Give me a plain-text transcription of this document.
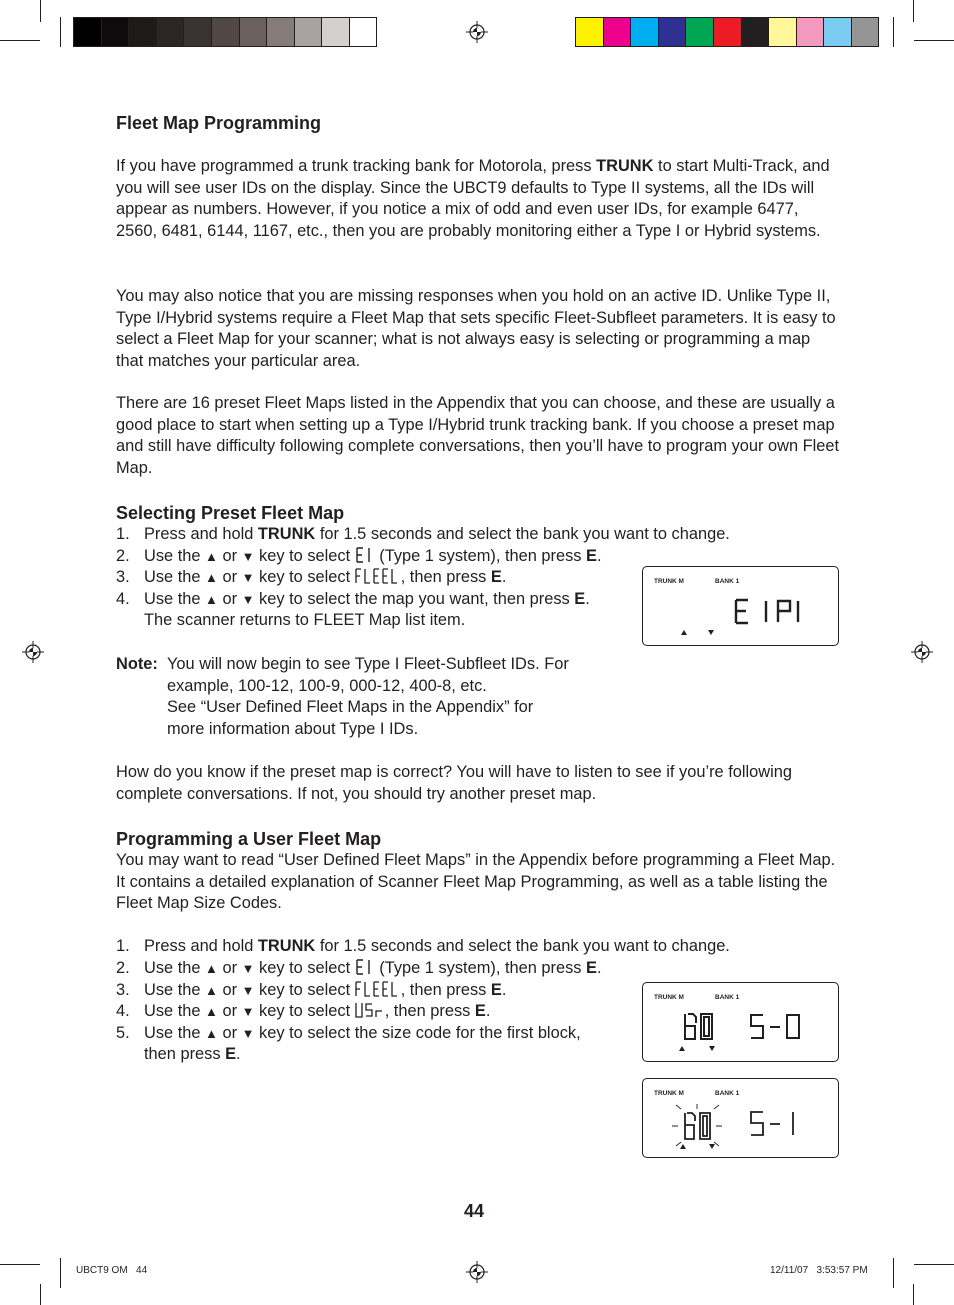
Fleet Map Programming

If you have programmed a trunk tracking bank for Motorola, press TRUNK to start Multi-Track, and you will see user IDs on the display. Since the UBCT9 defaults to Type II systems, all the IDs will appear as numbers. However, if you notice a mix of odd and even user IDs, for example 6477, 2560, 6481, 6144, 1167, etc., then you are probably monitoring either a Type I or Hybrid systems.

You may also notice that you are missing responses when you hold on an active ID. Unlike Type II, Type I/Hybrid systems require a Fleet Map that sets specific Fleet-Subfleet parameters. It is easy to select a Fleet Map for your scanner; what is not always easy is selecting or programming a map that matches your particular area.

There are 16 preset Fleet Maps listed in the Appendix that you can choose, and these are usually a good place to start when setting up a Type I/Hybrid trunk tracking bank. If you choose a preset map and still have difficulty following complete conversations, then you’ll have to program your own Fleet Map.

Selecting Preset Fleet Map
1. Press and hold TRUNK for 1.5 seconds and select the bank you want to change.
2. Use the ▲ or ▼ key to select  (Type 1 system), then press E.
3. Use the ▲ or ▼ key to select	, then press E.
4. Use the ▲ or ▼ key to select the map you want, then press E.
The scanner returns to FLEET Map list item.
Note: You will now begin to see Type I Fleet-Subfleet IDs. For
example, 100-12, 100-9, 000-12, 400-8, etc.
See “User Defined Fleet Maps in the Appendix” for
more information about Type I IDs.

How do you know if the preset map is correct? You will have to listen to see if you’re following complete conversations. If not, you should try another preset map.

TRUNK M	BANK 1
Programming a User Fleet Map

You may want to read “User Defined Fleet Maps” in the Appendix before programming a Fleet Map. It contains a detailed explanation of Scanner Fleet Map Programming, as well as a table listing the Fleet Map Size Codes.

1. Press and hold TRUNK for 1.5 seconds and select the bank you want to change.
2. Use the ▲ or ▼ key to select  (Type 1 system), then press E.
3. Use the ▲ or ▼ key to select	, then press E.
4. Use the ▲ or ▼ key to select , then press E.
5. Use the ▲ or ▼ key to select the size code for the first block,
then press E.
TRUNK M	BANK 1
TRUNK M	BANK 1
44
UBCT9 OM   44	12/11/07   3:53:57 PM
